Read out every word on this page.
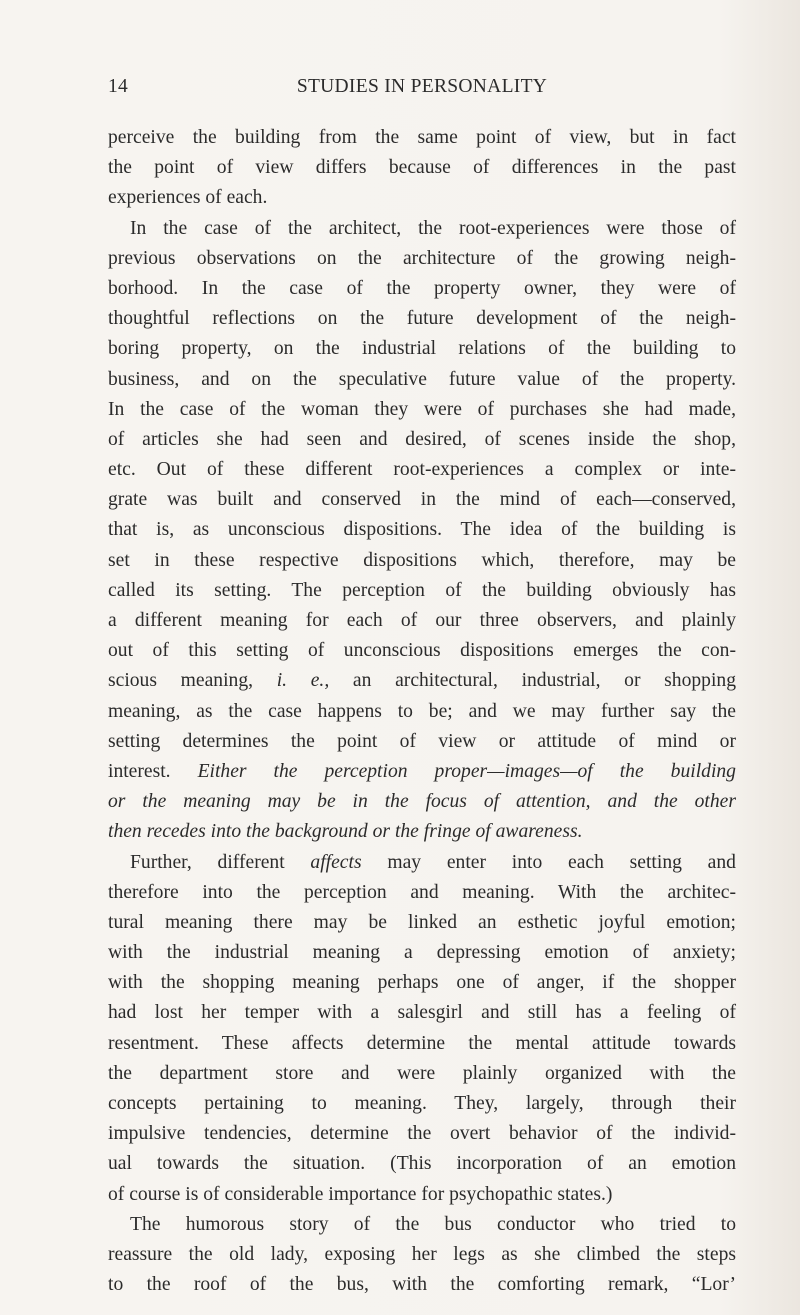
14	STUDIES IN PERSONALITY
perceive the building from the same point of view, but in fact
the point of view differs because of differences in the past
experiences of each.
In the case of the architect, the root-experiences were those of
previous observations on the architecture of the growing neigh-
borhood. In the case of the property owner, they were of
thoughtful reflections on the future development of the neigh-
boring property, on the industrial relations of the building to
business, and on the speculative future value of the property.
In the case of the woman they were of purchases she had made,
of articles she had seen and desired, of scenes inside the shop,
etc. Out of these different root-experiences a complex or inte-
grate was built and conserved in the mind of each—conserved,
that is, as unconscious dispositions. The idea of the building is
set in these respective dispositions which, therefore, may be
called its setting. The perception of the building obviously has
a different meaning for each of our three observers, and plainly
out of this setting of unconscious dispositions emerges the con-
scious meaning, i. e., an architectural, industrial, or shopping
meaning, as the case happens to be; and we may further say the
setting determines the point of view or attitude of mind or
interest. Either the perception proper—images—of the building
or the meaning may be in the focus of attention, and the other
then recedes into the background or the fringe of awareness.
Further, different affects may enter into each setting and
therefore into the perception and meaning. With the architec-
tural meaning there may be linked an esthetic joyful emotion;
with the industrial meaning a depressing emotion of anxiety;
with the shopping meaning perhaps one of anger, if the shopper
had lost her temper with a salesgirl and still has a feeling of
resentment. These affects determine the mental attitude towards
the department store and were plainly organized with the
concepts pertaining to meaning. They, largely, through their
impulsive tendencies, determine the overt behavior of the individ-
ual towards the situation. (This incorporation of an emotion
of course is of considerable importance for psychopathic states.)
The humorous story of the bus conductor who tried to
reassure the old lady, exposing her legs as she climbed the steps
to the roof of the bus, with the comforting remark, “Lor’
